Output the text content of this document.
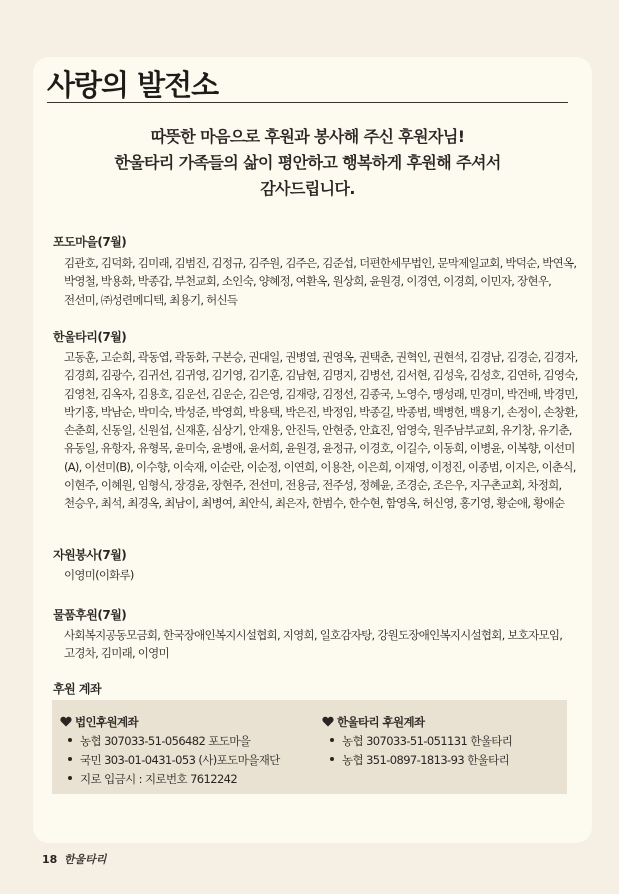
사랑의 발전소
따뜻한 마음으로 후원과 봉사해 주신 후원자님!
한울타리 가족들의 삶이 평안하고 행복하게 후원해 주셔서
감사드립니다.
포도마을(7월)
김관호, 김덕화, 김미래, 김범진, 김정규, 김주원, 김주은, 김준섭, 더편한세무법인, 문막제일교회, 박덕순, 박연옥, 박영철, 박용화, 박종갑, 부천교회, 소인숙, 양혜정, 여환옥, 원상희, 윤원경, 이경연, 이경희, 이민자, 장현우, 전선미, ㈜성련메디텍, 최용기, 허신득
한울타리(7월)
고동훈, 고순희, 곽동엽, 곽동화, 구본승, 권대일, 권병열, 권영옥, 권택춘, 권혁인, 권현석, 김경남, 김경순, 김경자, 김경희, 김광수, 김귀선, 김귀영, 김기영, 김기훈, 김남현, 김명지, 김병선, 김서현, 김성욱, 김성호, 김연하, 김영숙, 김영천, 김옥자, 김용호, 김운선, 김운순, 김은영, 김재랑, 김정선, 김종국, 노영수, 맹성래, 민경미, 박건배, 박경민, 박기홍, 박남순, 박미숙, 박성준, 박영희, 박용택, 박은진, 박정임, 박종길, 박종범, 백병헌, 백용기, 손정이, 손창환, 손춘희, 신동일, 신원섭, 신재훈, 심상기, 안재용, 안진득, 안현중, 안효진, 엄영숙, 원주남부교회, 유기창, 유기춘, 유동일, 유항자, 유형목, 윤미숙, 윤병애, 윤서희, 윤원경, 윤정규, 이경호, 이길수, 이동희, 이병윤, 이복향, 이선미(A), 이선미(B), 이수향, 이숙재, 이순란, 이순정, 이연희, 이용찬, 이은희, 이재영, 이정진, 이종범, 이지은, 이춘식, 이현주, 이혜원, 임형식, 장경윤, 장현주, 전선미, 전용금, 전주성, 정혜윤, 조경순, 조은우, 지구촌교회, 차정희, 천승우, 최석, 최경옥, 최남이, 최병여, 최안식, 최은자, 한범수, 한수현, 함영옥, 허신영, 홍기영, 황순애, 황애순
자원봉사(7월)
이영미(이화루)
물품후원(7월)
사회복지공동모금회, 한국장애인복지시설협회, 지영희, 일호감자탕, 강원도장애인복지시설협회, 보호자모임, 고경차, 김미래, 이영미
후원 계좌
법인후원계좌
농협 307033-51-056482 포도마을
국민 303-01-0431-053 (사)포도마을재단
지로 입금시 : 지로번호 7612242
한울타리 후원계좌
농협 307033-51-051131 한울타리
농협 351-0897-1813-93 한울타리
18 한울타리
